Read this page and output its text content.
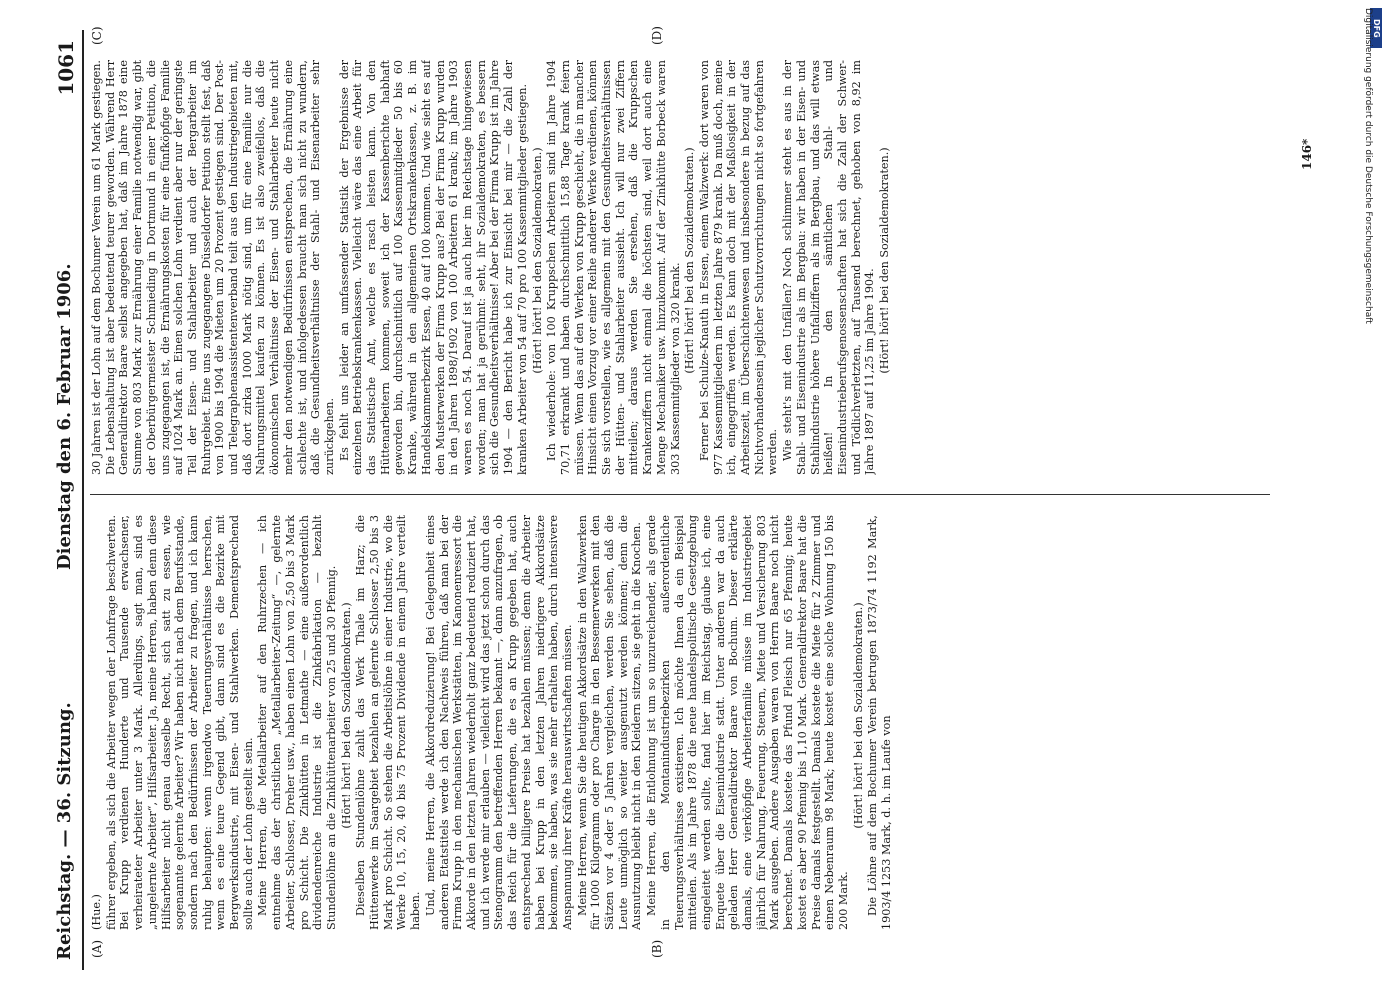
Reichstag. — 36. Sitzung.
Dienstag den 6. Februar 1906.
1061
(A)	(B)
(C)	(D)

(Hue.) führer ergeben, als sich die Arbeiter wegen der Lohnfrage beschwerten. Bei Krupp verdienen Hunderte und Tausende erwachsener, verheirateter Arbeiter unter 3 Mark. Allerdings, sagt man, sind es „ungelernte Arbeiter“, Hilfsarbeiter. Ja, meine Herren, haben denn diese Hilfsarbeiter nicht genau dasselbe Recht, sich satt zu essen, wie sogenannte gelernte Arbeiter? Wir haben nicht nach dem Berufsstande, sondern nach den Bedürfnissen der Arbeiter zu fragen, und ich kann ruhig behaupten: wenn irgendwo Teuerungsverhältnisse herrschen, wenn es eine teure Gegend gibt, dann sind es die Bezirke mit Bergwerksindustrie, mit Eisen- und Stahlwerken. Dementsprechend sollte auch der Lohn gestellt sein. Meine Herren, die Metallarbeiter auf den Ruhrzechen — ich entnehme das der christlichen „Metallarbeiter-Zeitung“ —, gelernte Arbeiter, Schlosser, Dreher usw., haben einen Lohn von 2,50 bis 3 Mark pro Schicht. Die Zinkhütten in Letmathe — eine außerordentlich dividendenreiche Industrie ist die Zinkfabrikation — bezahlt Stundenlöhne an die Zinkhüttenarbeiter von 25 und 30 Pfennig. (Hört! hört! bei den Sozialdemokraten.) Dieselben Stundenlöhne zahlt das Werk Thale im Harz; die Hüttenwerke im Saargebiet bezahlen an gelernte Schlosser 2,50 bis 3 Mark pro Schicht. So stehen die Arbeitslöhne in einer Industrie, wo die Werke 10, 15, 20, 40 bis 75 Prozent Dividende in einem Jahre verteilt haben. Und, meine Herren, die Akkordreduzierung! Bei Gelegenheit eines anderen Etatstitels werde ich den Nachweis führen, daß man bei der Firma Krupp in den mechanischen Werkstätten, im Kanonenressort die Akkorde in den letzten Jahren wiederholt ganz bedeutend reduziert hat, und ich werde mir erlauben — vielleicht wird das jetzt schon durch das Stenogramm den betreffenden Herren bekannt —, dann anzufragen, ob das Reich für die Lieferungen, die es an Krupp gegeben hat, auch entsprechend billigere Preise hat bezahlen müssen; denn die Arbeiter haben bei Krupp in den letzten Jahren niedrigere Akkordsätze bekommen, sie haben, was sie mehr erhalten haben, durch intensivere Anspannung ihrer Kräfte herauswirtschaften müssen. Meine Herren, wenn Sie die heutigen Akkordsätze in den Walzwerken für 1000 Kilogramm oder pro Charge in den Bessemerwerken mit den Sätzen vor 4 oder 5 Jahren vergleichen, werden Sie sehen, daß die Leute unmöglich so weiter ausgenutzt werden können; denn die Ausnutzung bleibt nicht in den Kleidern sitzen, sie geht in die Knochen. Meine Herren, die Entlohnung ist um so unzureichender, als gerade in den Montanindustriebezirken außerordentliche Teuerungsverhältnisse existieren. Ich möchte Ihnen da ein Beispiel mitteilen. Als im Jahre 1878 die neue handelspolitische Gesetzgebung eingeleitet werden sollte, fand hier im Reichstag, glaube ich, eine Enquete über die Eisenindustrie statt. Unter anderen war da auch geladen Herr Generaldirektor Baare von Bochum. Dieser erklärte damals, eine vierköpfige Arbeiterfamilie müsse im Industriegebiet jährlich für Nahrung, Feuerung, Steuern, Miete und Versicherung 803 Mark ausgeben. Andere Ausgaben waren von Herrn Baare noch nicht berechnet. Damals kostete das Pfund Fleisch nur 65 Pfennig; heute kostet es aber 90 Pfennig bis 1,10 Mark. Generaldirektor Baare hat die Preise damals festgestellt. Damals kostete die Miete für 2 Zimmer und einen Nebenraum 98 Mark; heute kostet eine solche Wohnung 150 bis 200 Mark.

(Hört! hört! bei den Sozialdemokraten.) Die Löhne auf dem Bochumer Verein betrugen 1873/74 1192 Mark, 1903/4 1253 Mark, d. h. im Laufe von

30 Jahren ist der Lohn auf dem Bochumer Verein um 61 Mark gestiegen. Die Lebenshaltung ist aber bedeutend teurer geworden. Während Herr Generaldirektor Baare selbst angegeben hat, daß im Jahre 1878 eine Summe von 803 Mark zur Ernährung einer Familie notwendig war, gibt der Oberbürgermeister Schmieding in Dortmund in einer Petition, die uns zugegangen ist, die Ernährungskosten für eine fünfköpfige Familie auf 1024 Mark an. Einen solchen Lohn verdient aber nur der geringste Teil der Eisen- und Stahlarbeiter und auch der Bergarbeiter im Ruhrgebiet. Eine uns zugegangene Düsseldorfer Petition stellt fest, daß von 1900 bis 1904 die Mieten um 20 Prozent gestiegen sind. Der Post- und Telegraphenassistentenverband teilt aus den Industriegebieten mit, daß dort zirka 1000 Mark nötig sind, um für eine Familie nur die Nahrungsmittel kaufen zu können. Es ist also zweifellos, daß die ökonomischen Verhältnisse der Eisen- und Stahlarbeiter heute nicht mehr den notwendigen Bedürfnissen entsprechen, die Ernährung eine schlechte ist, und infolgedessen braucht man sich nicht zu wundern, daß die Gesundheitsverhältnisse der Stahl- und Eisenarbeiter sehr zurückgehen. Es fehlt uns leider an umfassender Statistik der Ergebnisse der einzelnen Betriebskrankenkassen. Vielleicht wäre das eine Arbeit für das Statistische Amt, welche es rasch leisten kann. Von den Hüttenarbeitern kommen, soweit ich der Kassenberichte habhaft geworden bin, durchschnittlich auf 100 Kassenmitglieder 50 bis 60 Kranke, während in den allgemeinen Ortskrankenkassen, z. B. im Handelskammerbezirk Essen, 40 auf 100 kommen. Und wie sieht es auf den Musterwerken der Firma Krupp aus? Bei der Firma Krupp wurden in den Jahren 1898/1902 von 100 Arbeitern 61 krank; im Jahre 1903 waren es noch 54. Darauf ist ja auch hier im Reichstage hingewiesen worden; man hat ja gerühmt: seht, ihr Sozialdemokraten, es bessern sich die Gesundheitsverhältnisse! Aber bei der Firma Krupp ist im Jahre 1904 — den Bericht habe ich zur Einsicht bei mir — die Zahl der kranken Arbeiter von 54 auf 70 pro 100 Kassenmitglieder gestiegen. (Hört! hört! bei den Sozialdemokraten.) Ich wiederhole: von 100 Kruppschen Arbeitern sind im Jahre 1904 70,71 erkrankt und haben durchschnittlich 15,88 Tage krank feiern müssen. Wenn das auf den Werken von Krupp geschieht, die in mancher Hinsicht einen Vorzug vor einer Reihe anderer Werke verdienen, können Sie sich vorstellen, wie es allgemein mit den Gesundheitsverhältnissen der Hütten- und Stahlarbeiter aussieht. Ich will nur zwei Ziffern mitteilen; daraus werden Sie ersehen, daß die Kruppschen Krankenziffern nicht einmal die höchsten sind, weil dort auch eine Menge Mechaniker usw. hinzukommt. Auf der Zinkhütte Borbeck waren 303 Kassenmitglieder von 320 krank. (Hört! hört! bei den Sozialdemokraten.) Ferner bei Schulze-Knauth in Essen, einem Walzwerk: dort waren von 977 Kassenmitgliedern im letzten Jahre 879 krank. Da muß doch, meine ich, eingegriffen werden. Es kann doch mit der Maßlosigkeit in der Arbeitszeit, im Überschichtenwesen und insbesondere in bezug auf das Nichtvorhandensein jeglicher Schutzvorrichtungen nicht so fortgefahren werden. Wie steht's mit den Unfällen? Noch schlimmer steht es aus in der Stahl- und Eisenindustrie als im Bergbau: wir haben in der Eisen- und Stahlindustrie höhere Unfallziffern als im Bergbau, und das will etwas heißen! In den sämtlichen Stahl- und Eisenindustrieberufsgenossenschaften hat sich die Zahl der Schwer- und Tödlichverletzten, auf Tausend berechnet, gehoben von 8,92 im Jahre 1897 auf 11,25 im Jahre 1904. (Hört! hört! bei den Sozialdemokraten.)	146*
DFG
Digitalisierung gefördert durch die Deutsche Forschungsgemeinschaft
